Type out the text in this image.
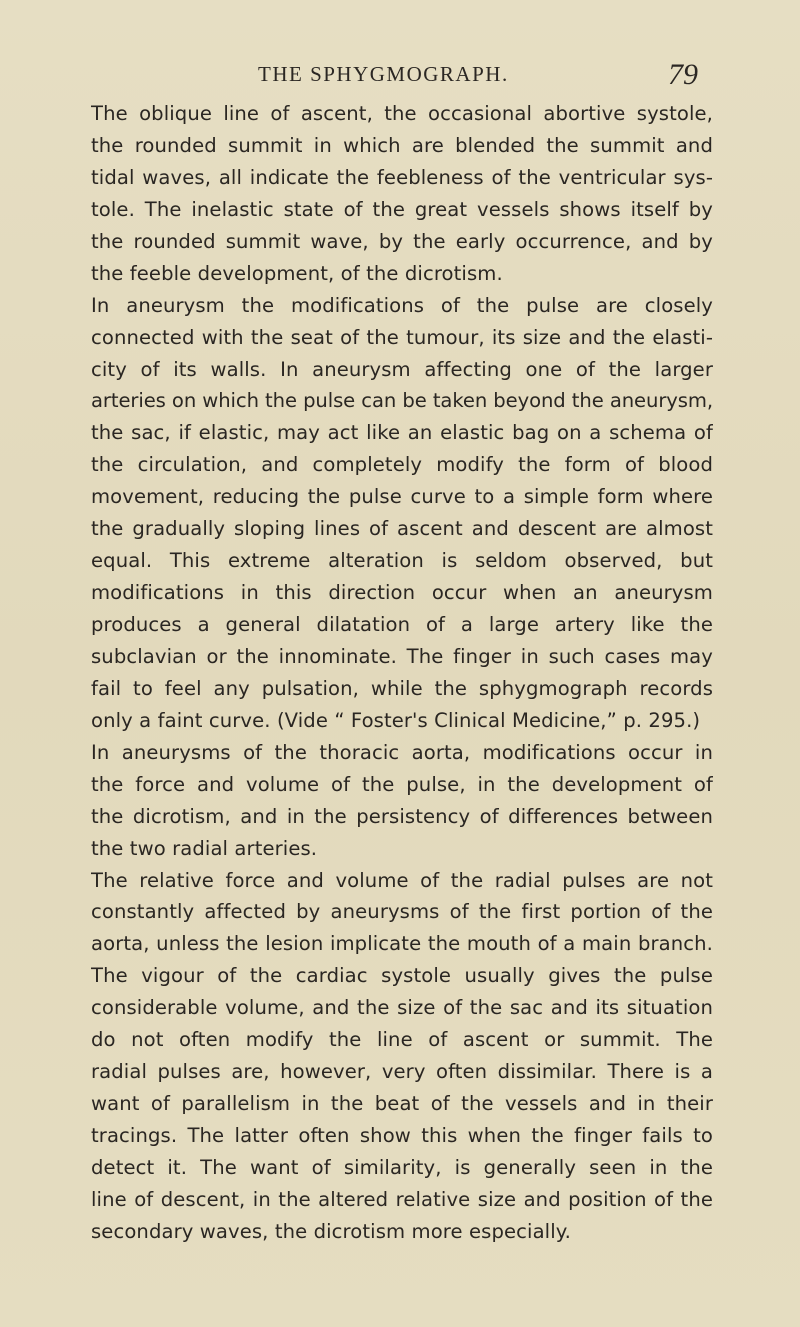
THE SPHYGMOGRAPH.	79

The oblique line of ascent, the occasional abortive systole,
the rounded summit in which are blended the summit and
tidal waves, all indicate the feebleness of the ventricular sys-
tole. The inelastic state of the great vessels shows itself by
the rounded summit wave, by the early occurrence, and by
the feeble development, of the dicrotism.

In aneurysm the modifications of the pulse are closely
connected with the seat of the tumour, its size and the elasti-
city of its walls. In aneurysm affecting one of the larger
arteries on which the pulse can be taken beyond the aneurysm,
the sac, if elastic, may act like an elastic bag on a schema of
the circulation, and completely modify the form of blood
movement, reducing the pulse curve to a simple form where
the gradually sloping lines of ascent and descent are almost
equal. This extreme alteration is seldom observed, but
modifications in this direction occur when an aneurysm
produces a general dilatation of a large artery like the
subclavian or the innominate. The finger in such cases may
fail to feel any pulsation, while the sphygmograph records
only a faint curve. (Vide “ Foster's Clinical Medicine,” p. 295.)

In aneurysms of the thoracic aorta, modifications occur in
the force and volume of the pulse, in the development of
the dicrotism, and in the persistency of differences between
the two radial arteries.

The relative force and volume of the radial pulses are not
constantly affected by aneurysms of the first portion of the
aorta, unless the lesion implicate the mouth of a main branch.
The vigour of the cardiac systole usually gives the pulse
considerable volume, and the size of the sac and its situation
do not often modify the line of ascent or summit. The
radial pulses are, however, very often dissimilar. There is a
want of parallelism in the beat of the vessels and in their
tracings. The latter often show this when the finger fails to
detect it. The want of similarity, is generally seen in the
line of descent, in the altered relative size and position of the
secondary waves, the dicrotism more especially.
